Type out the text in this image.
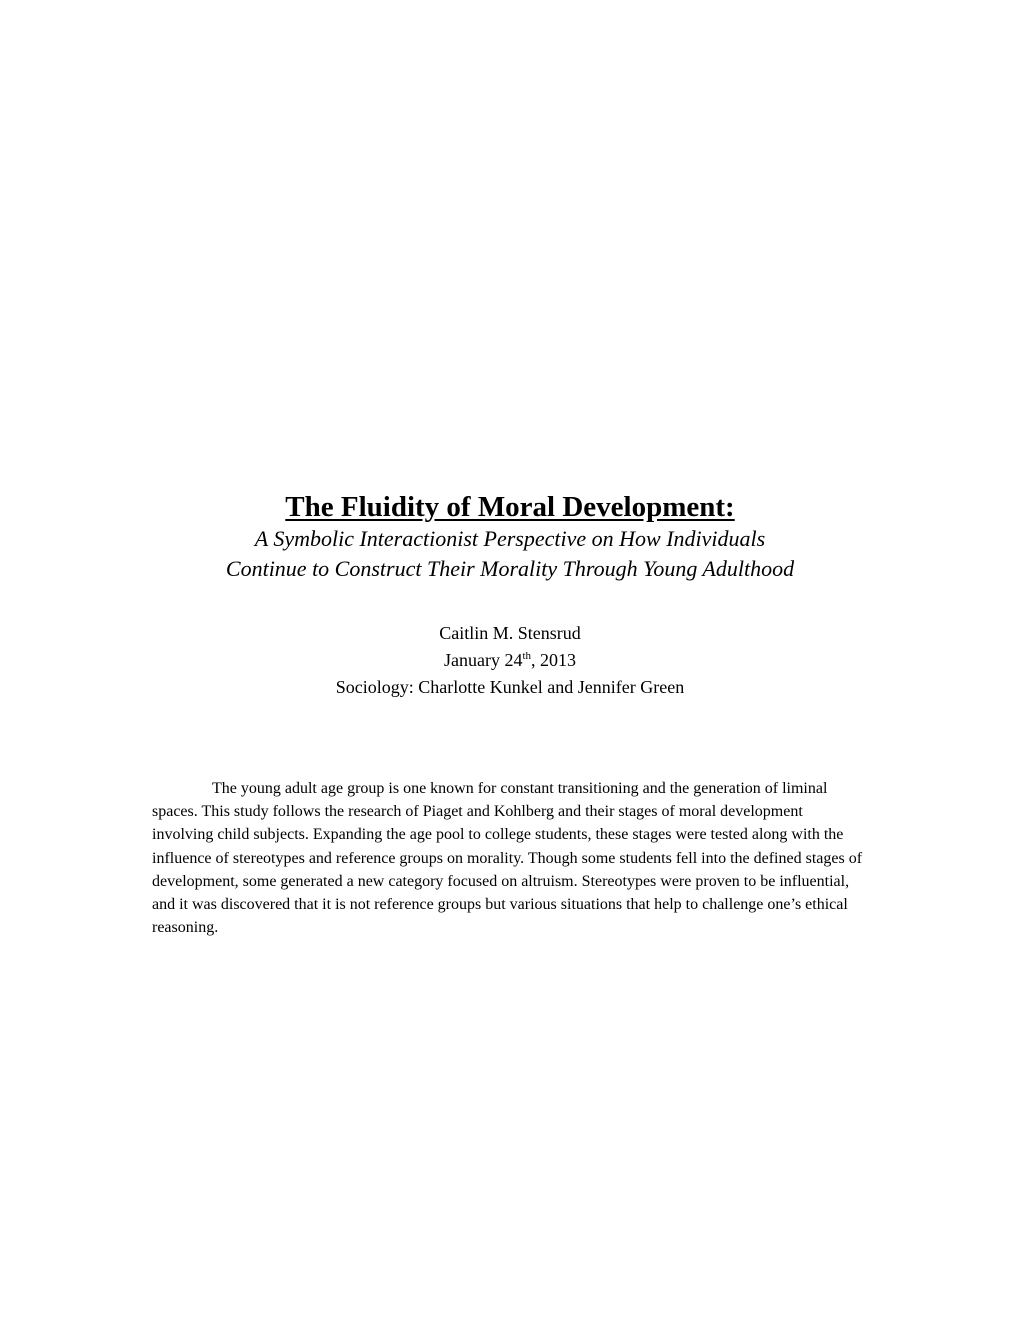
The Fluidity of Moral Development:
A Symbolic Interactionist Perspective on How Individuals
Continue to Construct Their Morality Through Young Adulthood
Caitlin M. Stensrud
January 24th, 2013
Sociology: Charlotte Kunkel and Jennifer Green

The young adult age group is one known for constant transitioning and the generation of liminal spaces. This study follows the research of Piaget and Kohlberg and their stages of moral development involving child subjects. Expanding the age pool to college students, these stages were tested along with the influence of stereotypes and reference groups on morality. Though some students fell into the defined stages of development, some generated a new category focused on altruism. Stereotypes were proven to be influential, and it was discovered that it is not reference groups but various situations that help to challenge one’s ethical reasoning.
